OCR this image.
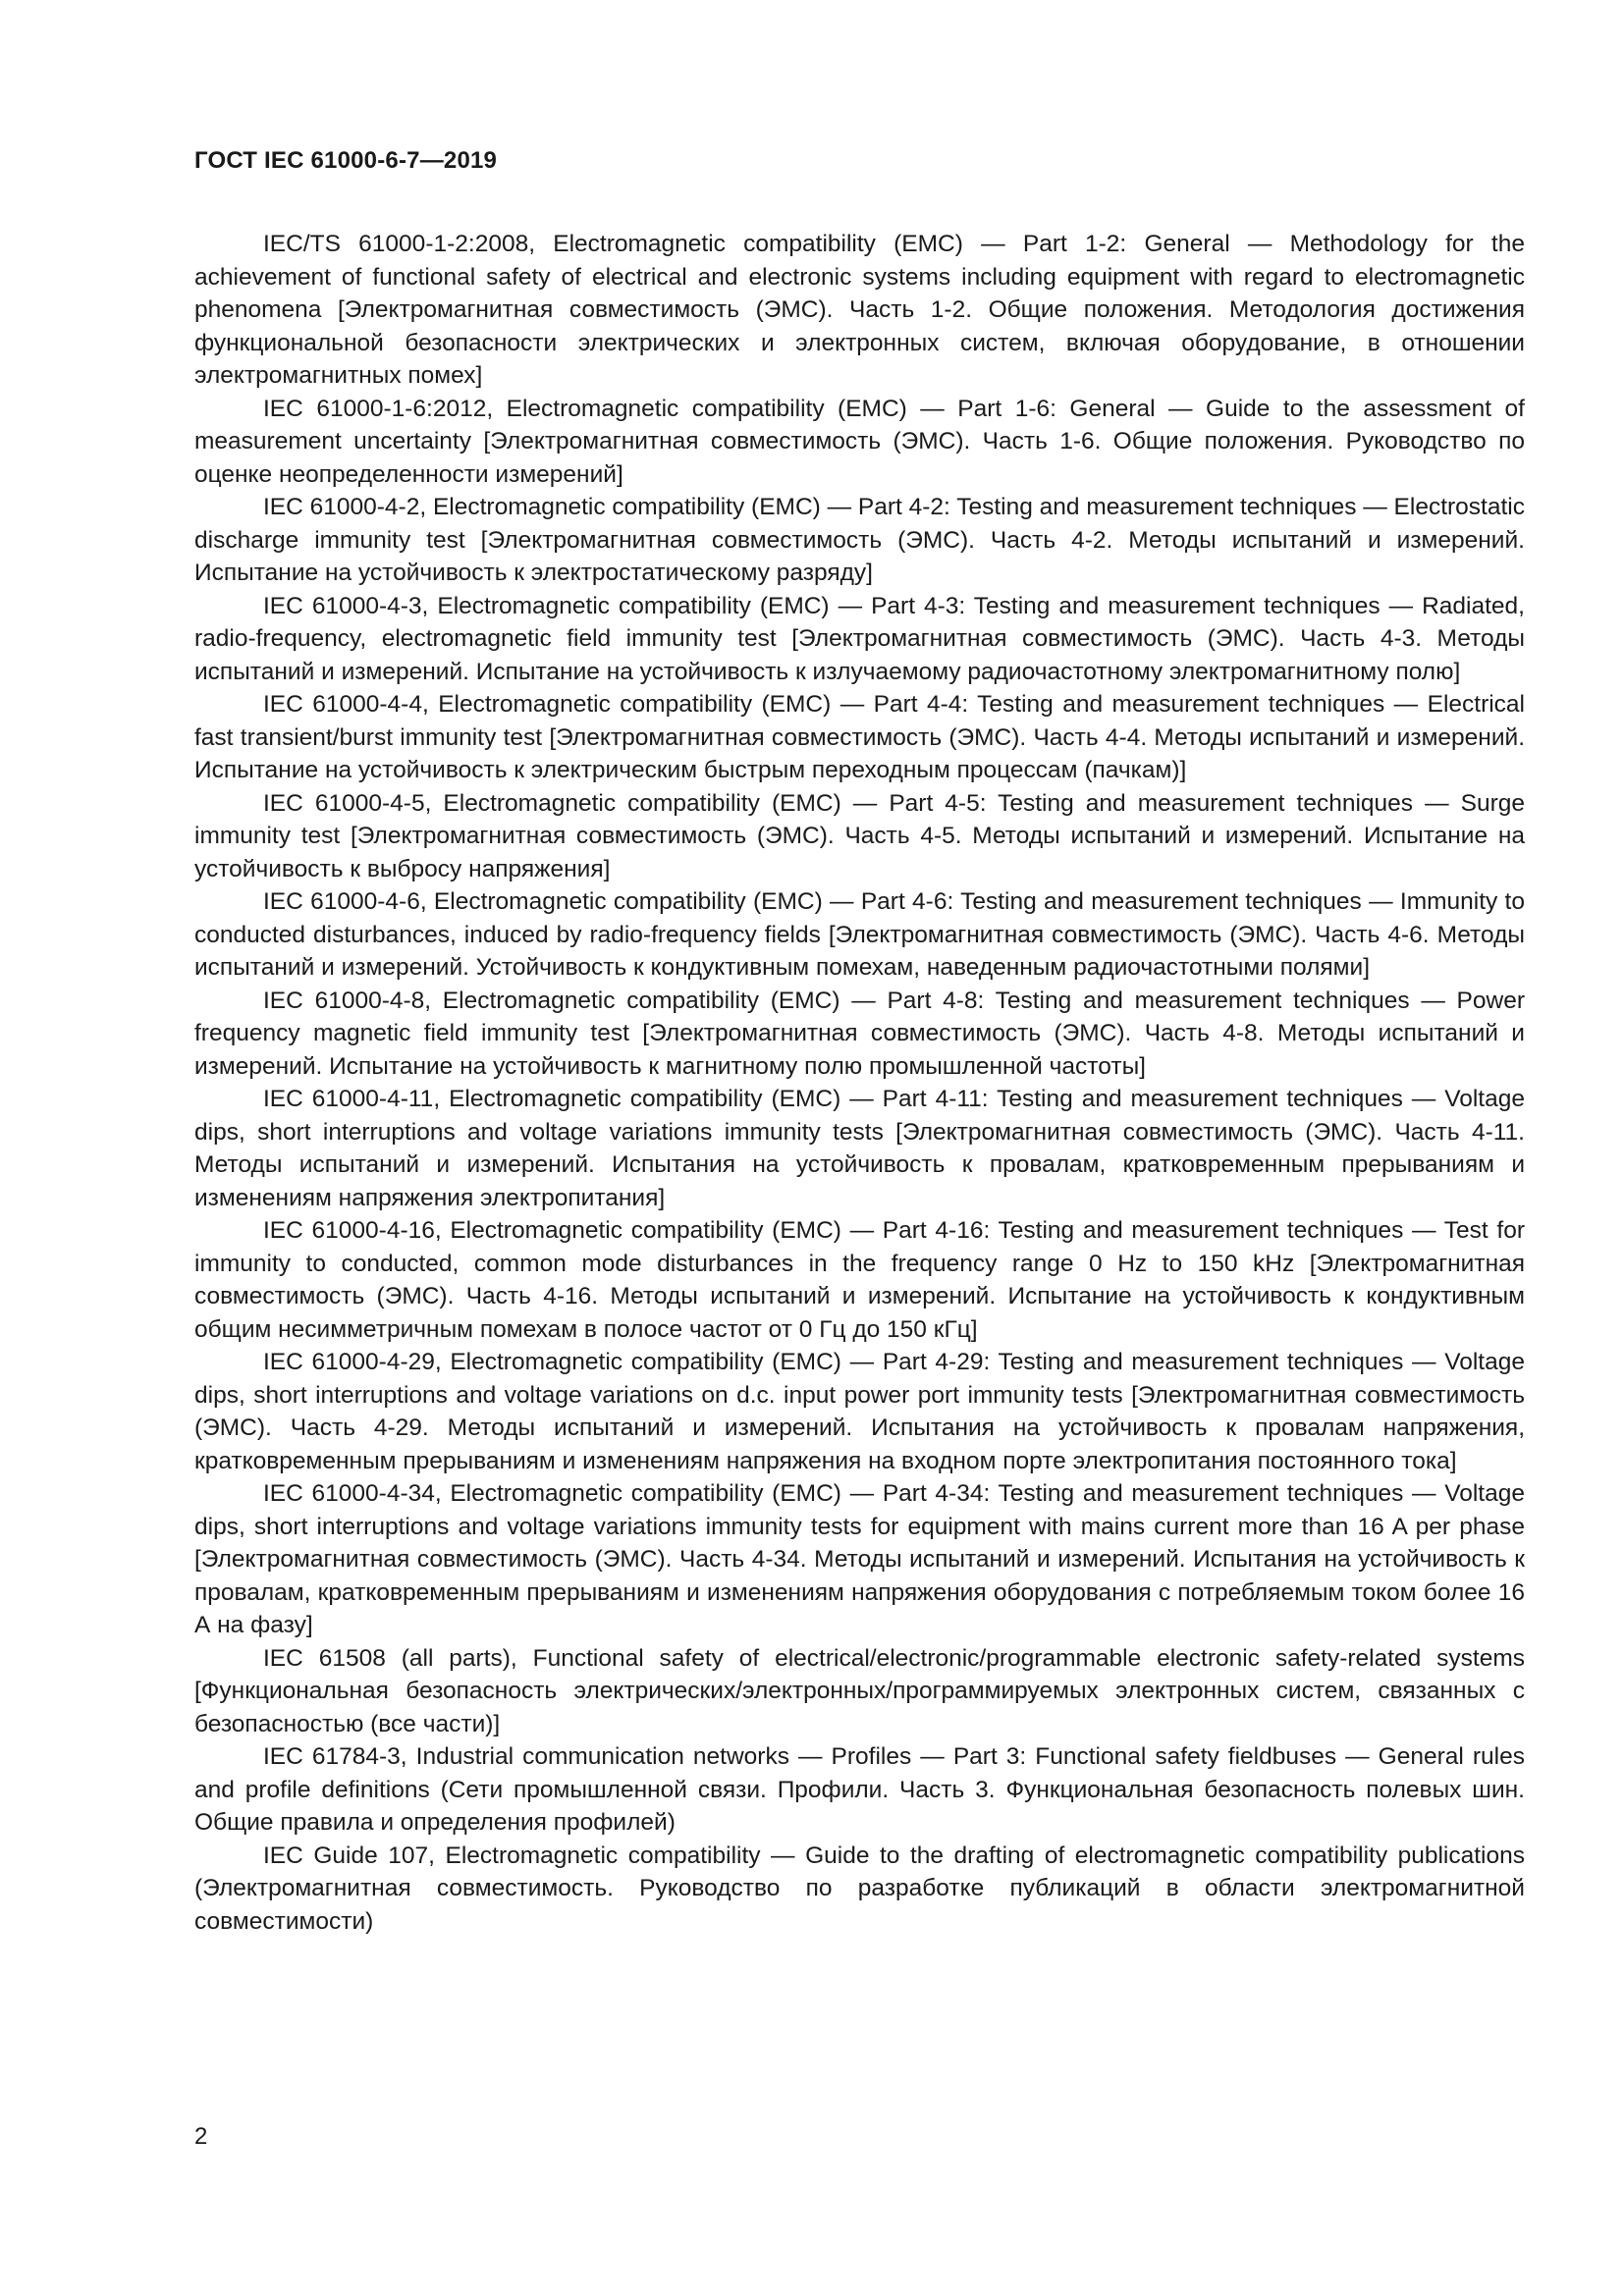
ГОСТ IEC 61000-6-7—2019

IEC/TS 61000-1-2:2008, Electromagnetic compatibility (EMC) — Part 1-2: General — Methodology for the achievement of functional safety of electrical and electronic systems including equipment with regard to electromagnetic phenomena [Электромагнитная совместимость (ЭМС). Часть 1-2. Общие положения. Методология достижения функциональной безопасности электрических и электронных систем, включая оборудование, в отношении электромагнитных помех]

IEC 61000-1-6:2012, Electromagnetic compatibility (EMC) — Part 1-6: General — Guide to the assessment of measurement uncertainty [Электромагнитная совместимость (ЭМС). Часть 1-6. Общие положения. Руководство по оценке неопределенности измерений]

IEC 61000-4-2, Electromagnetic compatibility (EMC) — Part 4-2: Testing and measurement techniques — Electrostatic discharge immunity test [Электромагнитная совместимость (ЭМС). Часть 4-2. Методы испытаний и измерений. Испытание на устойчивость к электростатическому разряду]

IEC 61000-4-3, Electromagnetic compatibility (EMC) — Part 4-3: Testing and measurement techniques — Radiated, radio-frequency, electromagnetic field immunity test [Электромагнитная совместимость (ЭМС). Часть 4-3. Методы испытаний и измерений. Испытание на устойчивость к излучаемому радиочастотному электромагнитному полю]

IEC 61000-4-4, Electromagnetic compatibility (EMC) — Part 4-4: Testing and measurement techniques — Electrical fast transient/burst immunity test [Электромагнитная совместимость (ЭМС). Часть 4-4. Методы испытаний и измерений. Испытание на устойчивость к электрическим быстрым переходным процессам (пачкам)]

IEC 61000-4-5, Electromagnetic compatibility (EMC) — Part 4-5: Testing and measurement techniques — Surge immunity test [Электромагнитная совместимость (ЭМС). Часть 4-5. Методы испытаний и измерений. Испытание на устойчивость к выбросу напряжения]

IEC 61000-4-6, Electromagnetic compatibility (EMC) — Part 4-6: Testing and measurement techniques — Immunity to conducted disturbances, induced by radio-frequency fields [Электромагнитная совместимость (ЭМС). Часть 4-6. Методы испытаний и измерений. Устойчивость к кондуктивным помехам, наведенным радиочастотными полями]

IEC 61000-4-8, Electromagnetic compatibility (EMC) — Part 4-8: Testing and measurement techniques — Power frequency magnetic field immunity test [Электромагнитная совместимость (ЭМС). Часть 4-8. Методы испытаний и измерений. Испытание на устойчивость к магнитному полю промышленной частоты]

IEC 61000-4-11, Electromagnetic compatibility (EMC) — Part 4-11: Testing and measurement techniques — Voltage dips, short interruptions and voltage variations immunity tests [Электромагнитная совместимость (ЭМС). Часть 4-11. Методы испытаний и измерений. Испытания на устойчивость к провалам, кратковременным прерываниям и изменениям напряжения электропитания]

IEC 61000-4-16, Electromagnetic compatibility (EMC) — Part 4-16: Testing and measurement techniques — Test for immunity to conducted, common mode disturbances in the frequency range 0 Hz to 150 kHz [Электромагнитная совместимость (ЭМС). Часть 4-16. Методы испытаний и измерений. Испытание на устойчивость к кондуктивным общим несимметричным помехам в полосе частот от 0 Гц до 150 кГц]

IEC 61000-4-29, Electromagnetic compatibility (EMC) — Part 4-29: Testing and measurement techniques — Voltage dips, short interruptions and voltage variations on d.c. input power port immunity tests [Электромагнитная совместимость (ЭМС). Часть 4-29. Методы испытаний и измерений. Испытания на устойчивость к провалам напряжения, кратковременным прерываниям и изменениям напряжения на входном порте электропитания постоянного тока]

IEC 61000-4-34, Electromagnetic compatibility (EMC) — Part 4-34: Testing and measurement techniques — Voltage dips, short interruptions and voltage variations immunity tests for equipment with mains current more than 16 A per phase [Электромагнитная совместимость (ЭМС). Часть 4-34. Методы испытаний и измерений. Испытания на устойчивость к провалам, кратковременным прерываниям и изменениям напряжения оборудования с потребляемым током более 16 А на фазу]

IEC 61508 (all parts), Functional safety of electrical/electronic/programmable electronic safety-related systems [Функциональная безопасность электрических/электронных/программируемых электронных систем, связанных с безопасностью (все части)]

IEC 61784-3, Industrial communication networks — Profiles — Part 3: Functional safety fieldbuses — General rules and profile definitions (Сети промышленной связи. Профили. Часть 3. Функциональная безопасность полевых шин. Общие правила и определения профилей)

IEC Guide 107, Electromagnetic compatibility — Guide to the drafting of electromagnetic compatibility publications (Электромагнитная совместимость. Руководство по разработке публикаций в области электромагнитной совместимости)

2
